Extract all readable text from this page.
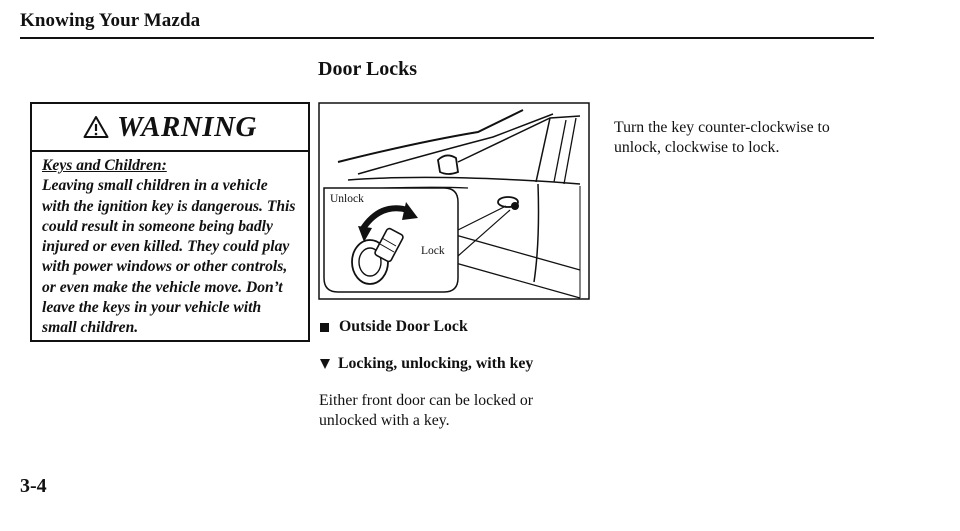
Knowing Your Mazda
Door Locks
WARNING
Keys and Children:
Leaving small children in a vehicle with the ignition key is dangerous. This could result in someone being badly injured or even killed. They could play with power windows or other controls, or even make the vehicle move. Don’t leave the keys in your vehicle with small children.
Unlock
Lock
Outside Door Lock
Locking, unlocking, with key
Either front door can be locked or unlocked with a key.
Turn the key counter-clockwise to unlock, clockwise to lock.
3-4
